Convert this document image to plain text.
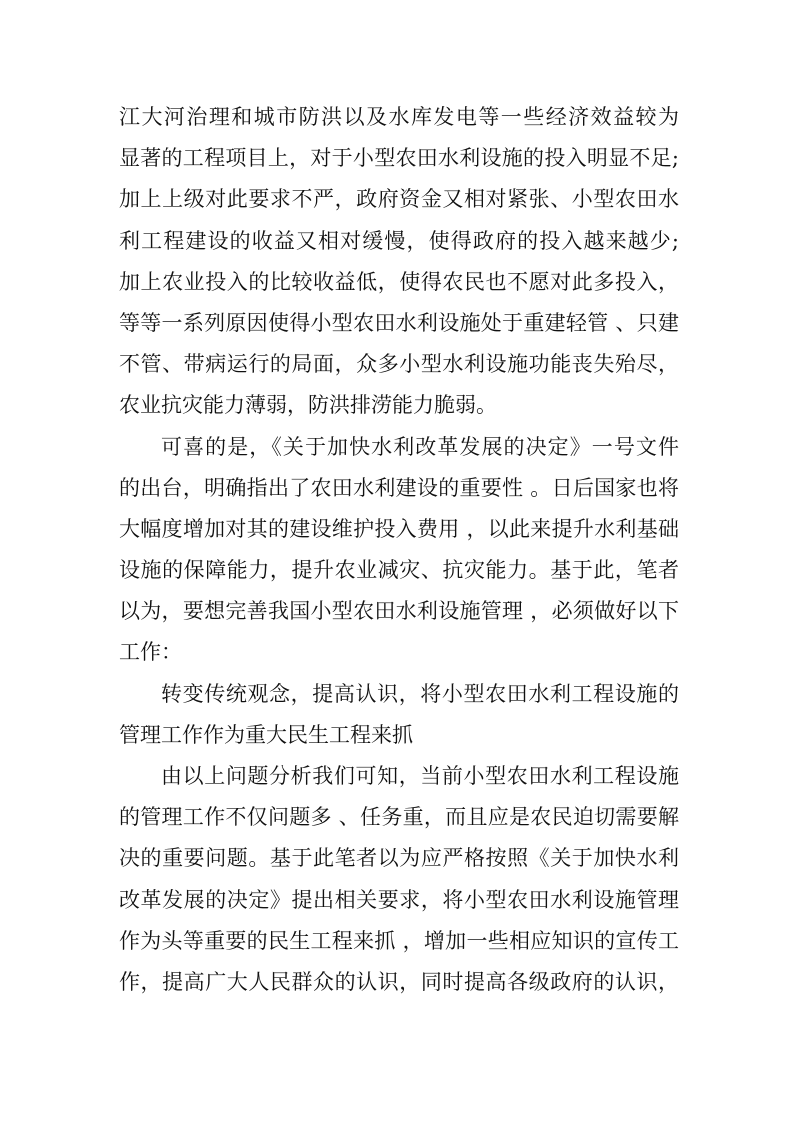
江大河治理和城市防洪以及水库发电等一些经济效益较为
显著的工程项目上，对于小型农田水利设施的投入明显不足;
加上上级对此要求不严，政府资金又相对紧张、小型农田水
利工程建设的收益又相对缓慢，使得政府的投入越来越少;
加上农业投入的比较收益低，使得农民也不愿对此多投入，
等等一系列原因使得小型农田水利设施处于重建轻管 、只建
不管、带病运行的局面，众多小型水利设施功能丧失殆尽，
农业抗灾能力薄弱，防洪排涝能力脆弱。
可喜的是，《关于加快水利改革发展的决定》一号文件
的出台，明确指出了农田水利建设的重要性 。日后国家也将
大幅度增加对其的建设维护投入费用 ，以此来提升水利基础
设施的保障能力，提升农业减灾、抗灾能力。基于此，笔者
以为，要想完善我国小型农田水利设施管理 ，必须做好以下
工作：
转变传统观念，提高认识，将小型农田水利工程设施的
管理工作作为重大民生工程来抓
由以上问题分析我们可知，当前小型农田水利工程设施
的管理工作不仅问题多 、任务重，而且应是农民迫切需要解
决的重要问题。基于此笔者以为应严格按照《关于加快水利
改革发展的决定》提出相关要求，将小型农田水利设施管理
作为头等重要的民生工程来抓 ，增加一些相应知识的宣传工
作，提高广大人民群众的认识，同时提高各级政府的认识，
